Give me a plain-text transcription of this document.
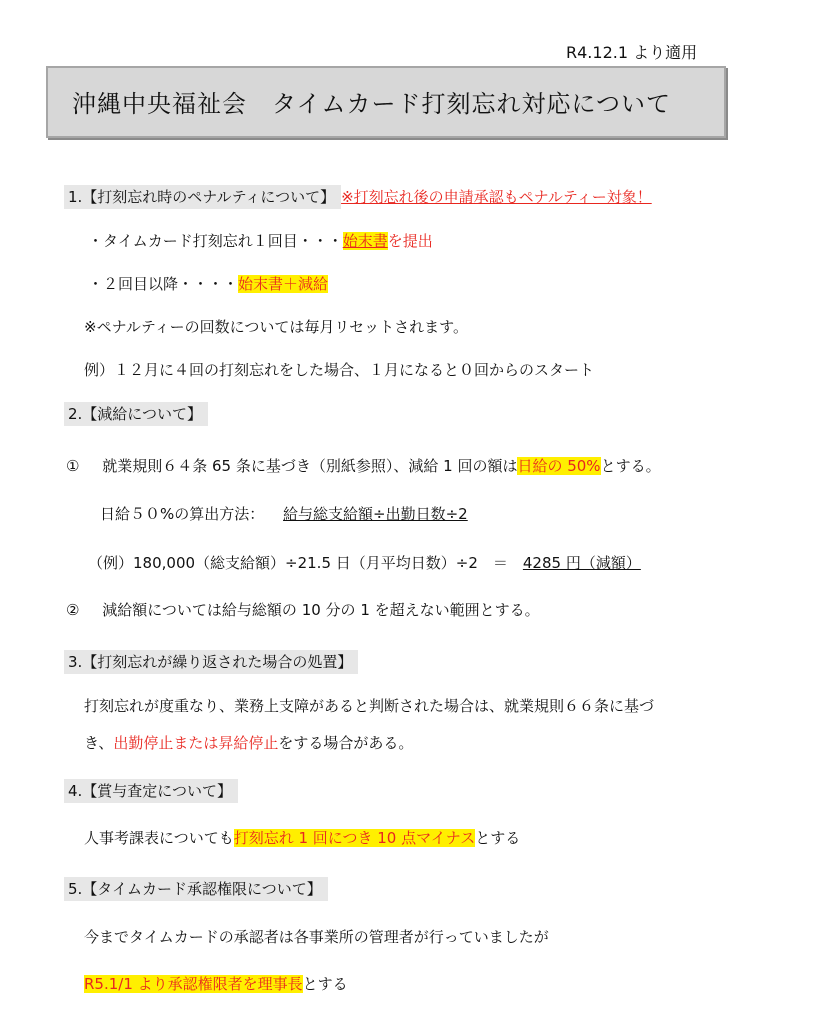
R4.12.1 より適用
沖縄中央福祉会　タイムカード打刻忘れ対応について
1.【打刻忘れ時のペナルティについて】 ※打刻忘れ後の申請承認もペナルティー対象！
・タイムカード打刻忘れ１回目・・・始末書を提出
・２回目以降・・・・始末書＋減給
※ペナルティーの回数については毎月リセットされます。
例）１２月に４回の打刻忘れをした場合、１月になると０回からのスタート
2.【減給について】
① 就業規則６４条 65 条に基づき（別紙参照）、減給 1 回の額は日給の 50%とする。
日給５０%の算出方法： 給与総支給額÷出勤日数÷2
（例）180,000（総支給額）÷21.5 日（月平均日数）÷2　＝　4285 円（減額）
② 減給額については給与総額の 10 分の 1 を超えない範囲とする。
3.【打刻忘れが繰り返された場合の処置】
打刻忘れが度重なり、業務上支障があると判断された場合は、就業規則６６条に基づ
き、出勤停止または昇給停止をする場合がある。
4.【賞与査定について】
人事考課表についても打刻忘れ 1 回につき 10 点マイナスとする
5.【タイムカード承認権限について】
今までタイムカードの承認者は各事業所の管理者が行っていましたが
R5.1/1 より承認権限者を理事長とする
